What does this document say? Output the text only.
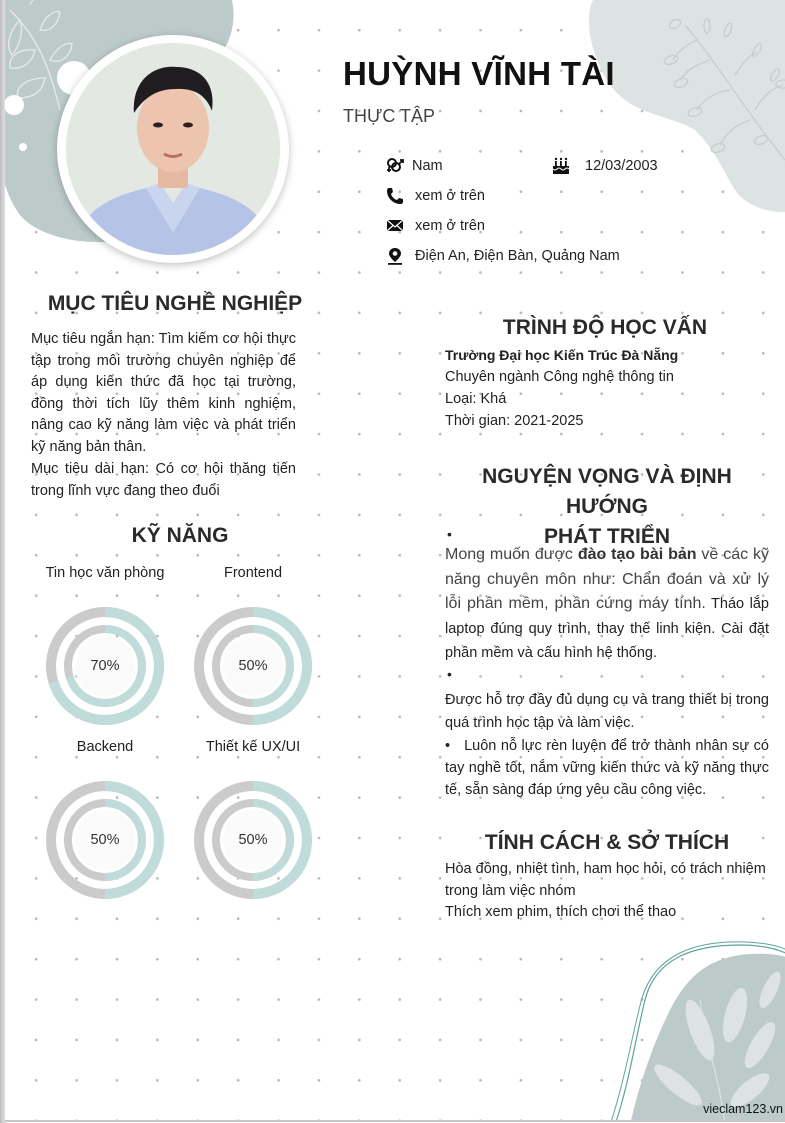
HUỲNH VĨNH TÀI
THỰC TẬP
Nam	12/03/2003
xem ở trên
xem ở trên
Điện An, Điện Bàn, Quảng Nam
MỤC TIÊU NGHỀ NGHIỆP
Mục tiêu ngắn hạn: Tìm kiếm cơ hội thực tập trong môi trường chuyên nghiệp để áp dụng kiến thức đã học tại trường, đồng thời tích lũy thêm kinh nghiệm, nâng cao kỹ năng làm việc và phát triển kỹ năng bản thân.
Mục tiêu dài hạn: Có cơ hội thăng tiến trong lĩnh vực đang theo đuổi
KỸ NĂNG
Tin học văn phòng	Frontend
Backend	Thiết kế UX/UI
70%	50%
50%	50%
TRÌNH ĐỘ HỌC VẤN
Trường Đại học Kiến Trúc Đà Nẵng
Chuyên ngành Công nghệ thông tin
Loại: Khá
Thời gian: 2021-2025
NGUYỆN VỌNG VÀ ĐỊNH HƯỚNG
PHÁT TRIỂN
•
Mong muốn được đào tạo bài bản về các kỹ năng chuyên môn như: Chẩn đoán và xử lý lỗi phần mềm, phần cứng máy tính. Tháo lắp laptop đúng quy trình, thay thế linh kiện. Cài đặt phần mềm và cấu hình hệ thống.
•
Được hỗ trợ đầy đủ dụng cụ và trang thiết bị trong quá trình học tập và làm việc.
• Luôn nỗ lực rèn luyện để trở thành nhân sự có tay nghề tốt, nắm vững kiến thức và kỹ năng thực tế, sẵn sàng đáp ứng yêu cầu công việc.
TÍNH CÁCH & SỞ THÍCH
Hòa đồng, nhiệt tình, ham học hỏi, có trách nhiệm trong làm việc nhóm
Thích xem phim, thích chơi thể thao
vieclam123.vn
